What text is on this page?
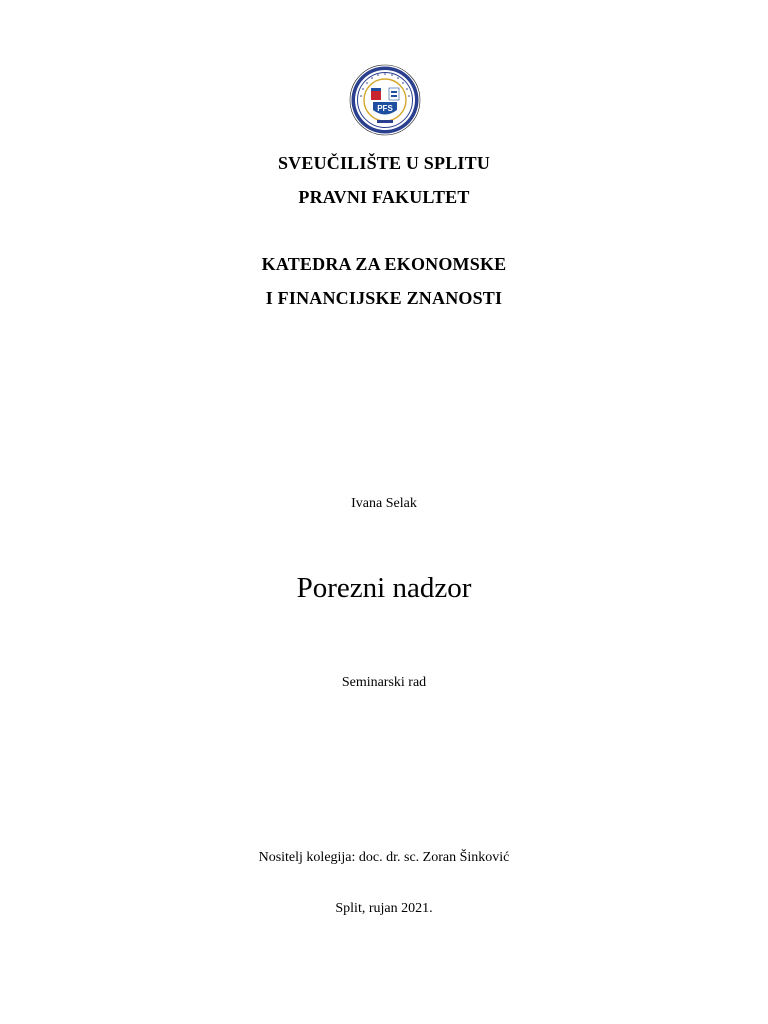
PFS
SVEUČILIŠTE U SPLITU
PRAVNI FAKULTET
KATEDRA ZA EKONOMSKE
I FINANCIJSKE ZNANOSTI
Ivana Selak
Porezni nadzor
Seminarski rad
Nositelj kolegija: doc. dr. sc. Zoran Šinković
Split, rujan 2021.
